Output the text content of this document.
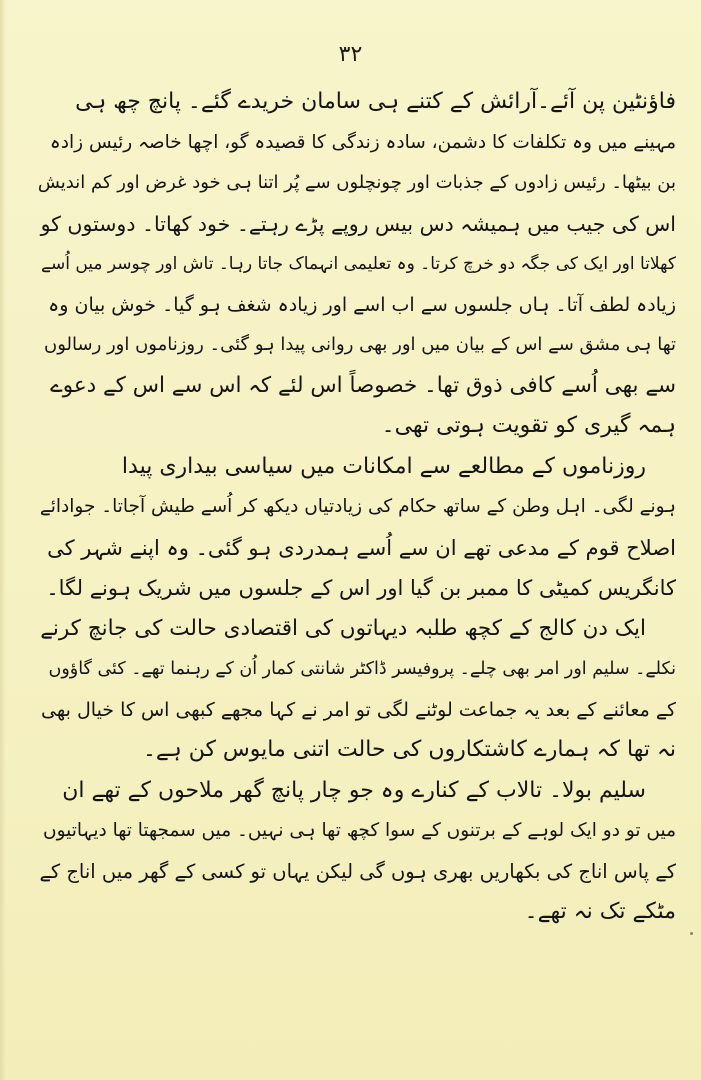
۳۲
فاؤنٹین پن آئے۔آرائش کے کتنے ہی سامان خریدے گئے۔ پانچ چھ ہی
مہینے میں وہ تکلفات کا دشمن، سادہ زندگی کا قصیدہ گو، اچھا خاصہ رئیس زادہ
بن بیٹھا۔ رئیس زادوں کے جذبات اور چونچلوں سے پُر اتنا ہی خود غرض اور کم اندیش
اس کی جیب میں ہمیشہ دس بیس روپے پڑے رہتے۔ خود کھاتا۔ دوستوں کو
کھلاتا اور ایک کی جگہ دو خرچ کرتا۔ وہ تعلیمی انہماک جاتا رہا۔ تاش اور چوسر میں اُسے
زیادہ لطف آتا۔ ہاں جلسوں سے اب اسے اور زیادہ شغف ہو گیا۔ خوش بیان وہ
تھا ہی مشق سے اس کے بیان میں اور بھی روانی پیدا ہو گئی۔ روزناموں اور رسالوں
سے بھی اُسے کافی ذوق تھا۔ خصوصاً اس لئے کہ اس سے اس کے دعوے
ہمہ گیری کو تقویت ہوتی تھی۔
روزناموں کے مطالعے سے امکانات میں سیاسی بیداری پیدا
ہونے لگی۔ اہل وطن کے ساتھ حکام کی زیادتیاں دیکھ کر اُسے طیش آجاتا۔ جوادائے
اصلاح قوم کے مدعی تھے ان سے اُسے ہمدردی ہو گئی۔ وہ اپنے شہر کی
کانگریس کمیٹی کا ممبر بن گیا اور اس کے جلسوں میں شریک ہونے لگا۔
ایک دن کالج کے کچھ طلبہ دیہاتوں کی اقتصادی حالت کی جانچ کرنے
نکلے۔ سلیم اور امر بھی چلے۔ پروفیسر ڈاکٹر شانتی کمار اُن کے رہنما تھے۔ کئی گاؤوں
کے معائنے کے بعد یہ جماعت لوٹنے لگی تو امر نے کہا مجھے کبھی اس کا خیال بھی
نہ تھا کہ ہمارے کاشتکاروں کی حالت اتنی مایوس کن ہے۔
سلیم بولا۔ تالاب کے کنارے وہ جو چار پانچ گھر ملاحوں کے تھے ان
میں تو دو ایک لوہے کے برتنوں کے سوا کچھ تھا ہی نہیں۔ میں سمجھتا تھا دیہاتیوں
کے پاس اناج کی بکھاریں بھری ہوں گی لیکن یہاں تو کسی کے گھر میں اناج کے
مٹکے تک نہ تھے۔
